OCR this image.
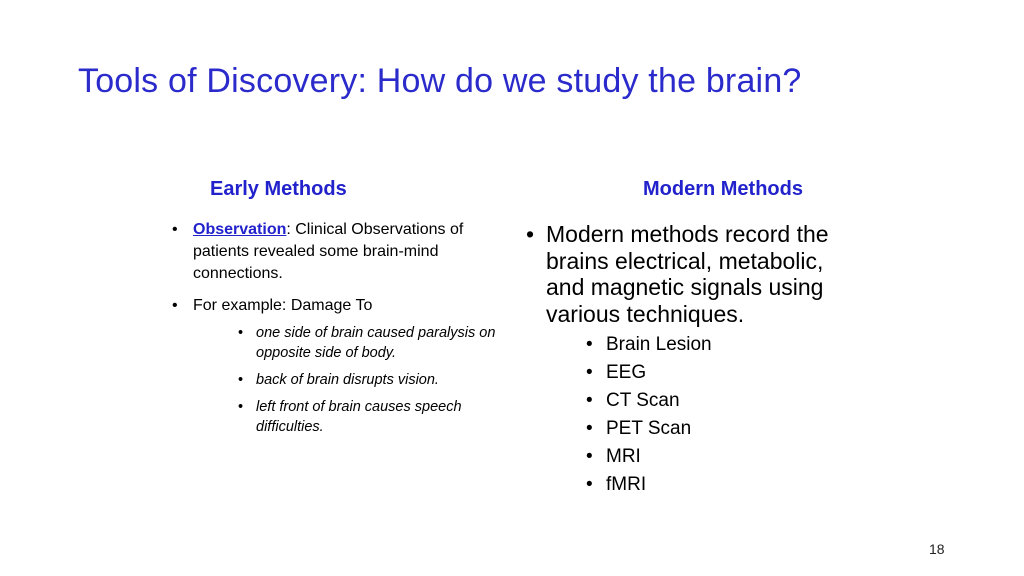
Tools of Discovery: How do we study the brain?
Early Methods	Modern Methods
• Observation: Clinical Observations of patients revealed some brain-mind connections.
• For example: Damage To
• one side of brain caused paralysis on opposite side of body.
• back of brain disrupts vision.
• left front of brain causes speech difficulties.
• Modern methods record the brains electrical, metabolic, and magnetic signals using various techniques.
• Brain Lesion
• EEG
• CT Scan
• PET Scan
• MRI
• fMRI
18
